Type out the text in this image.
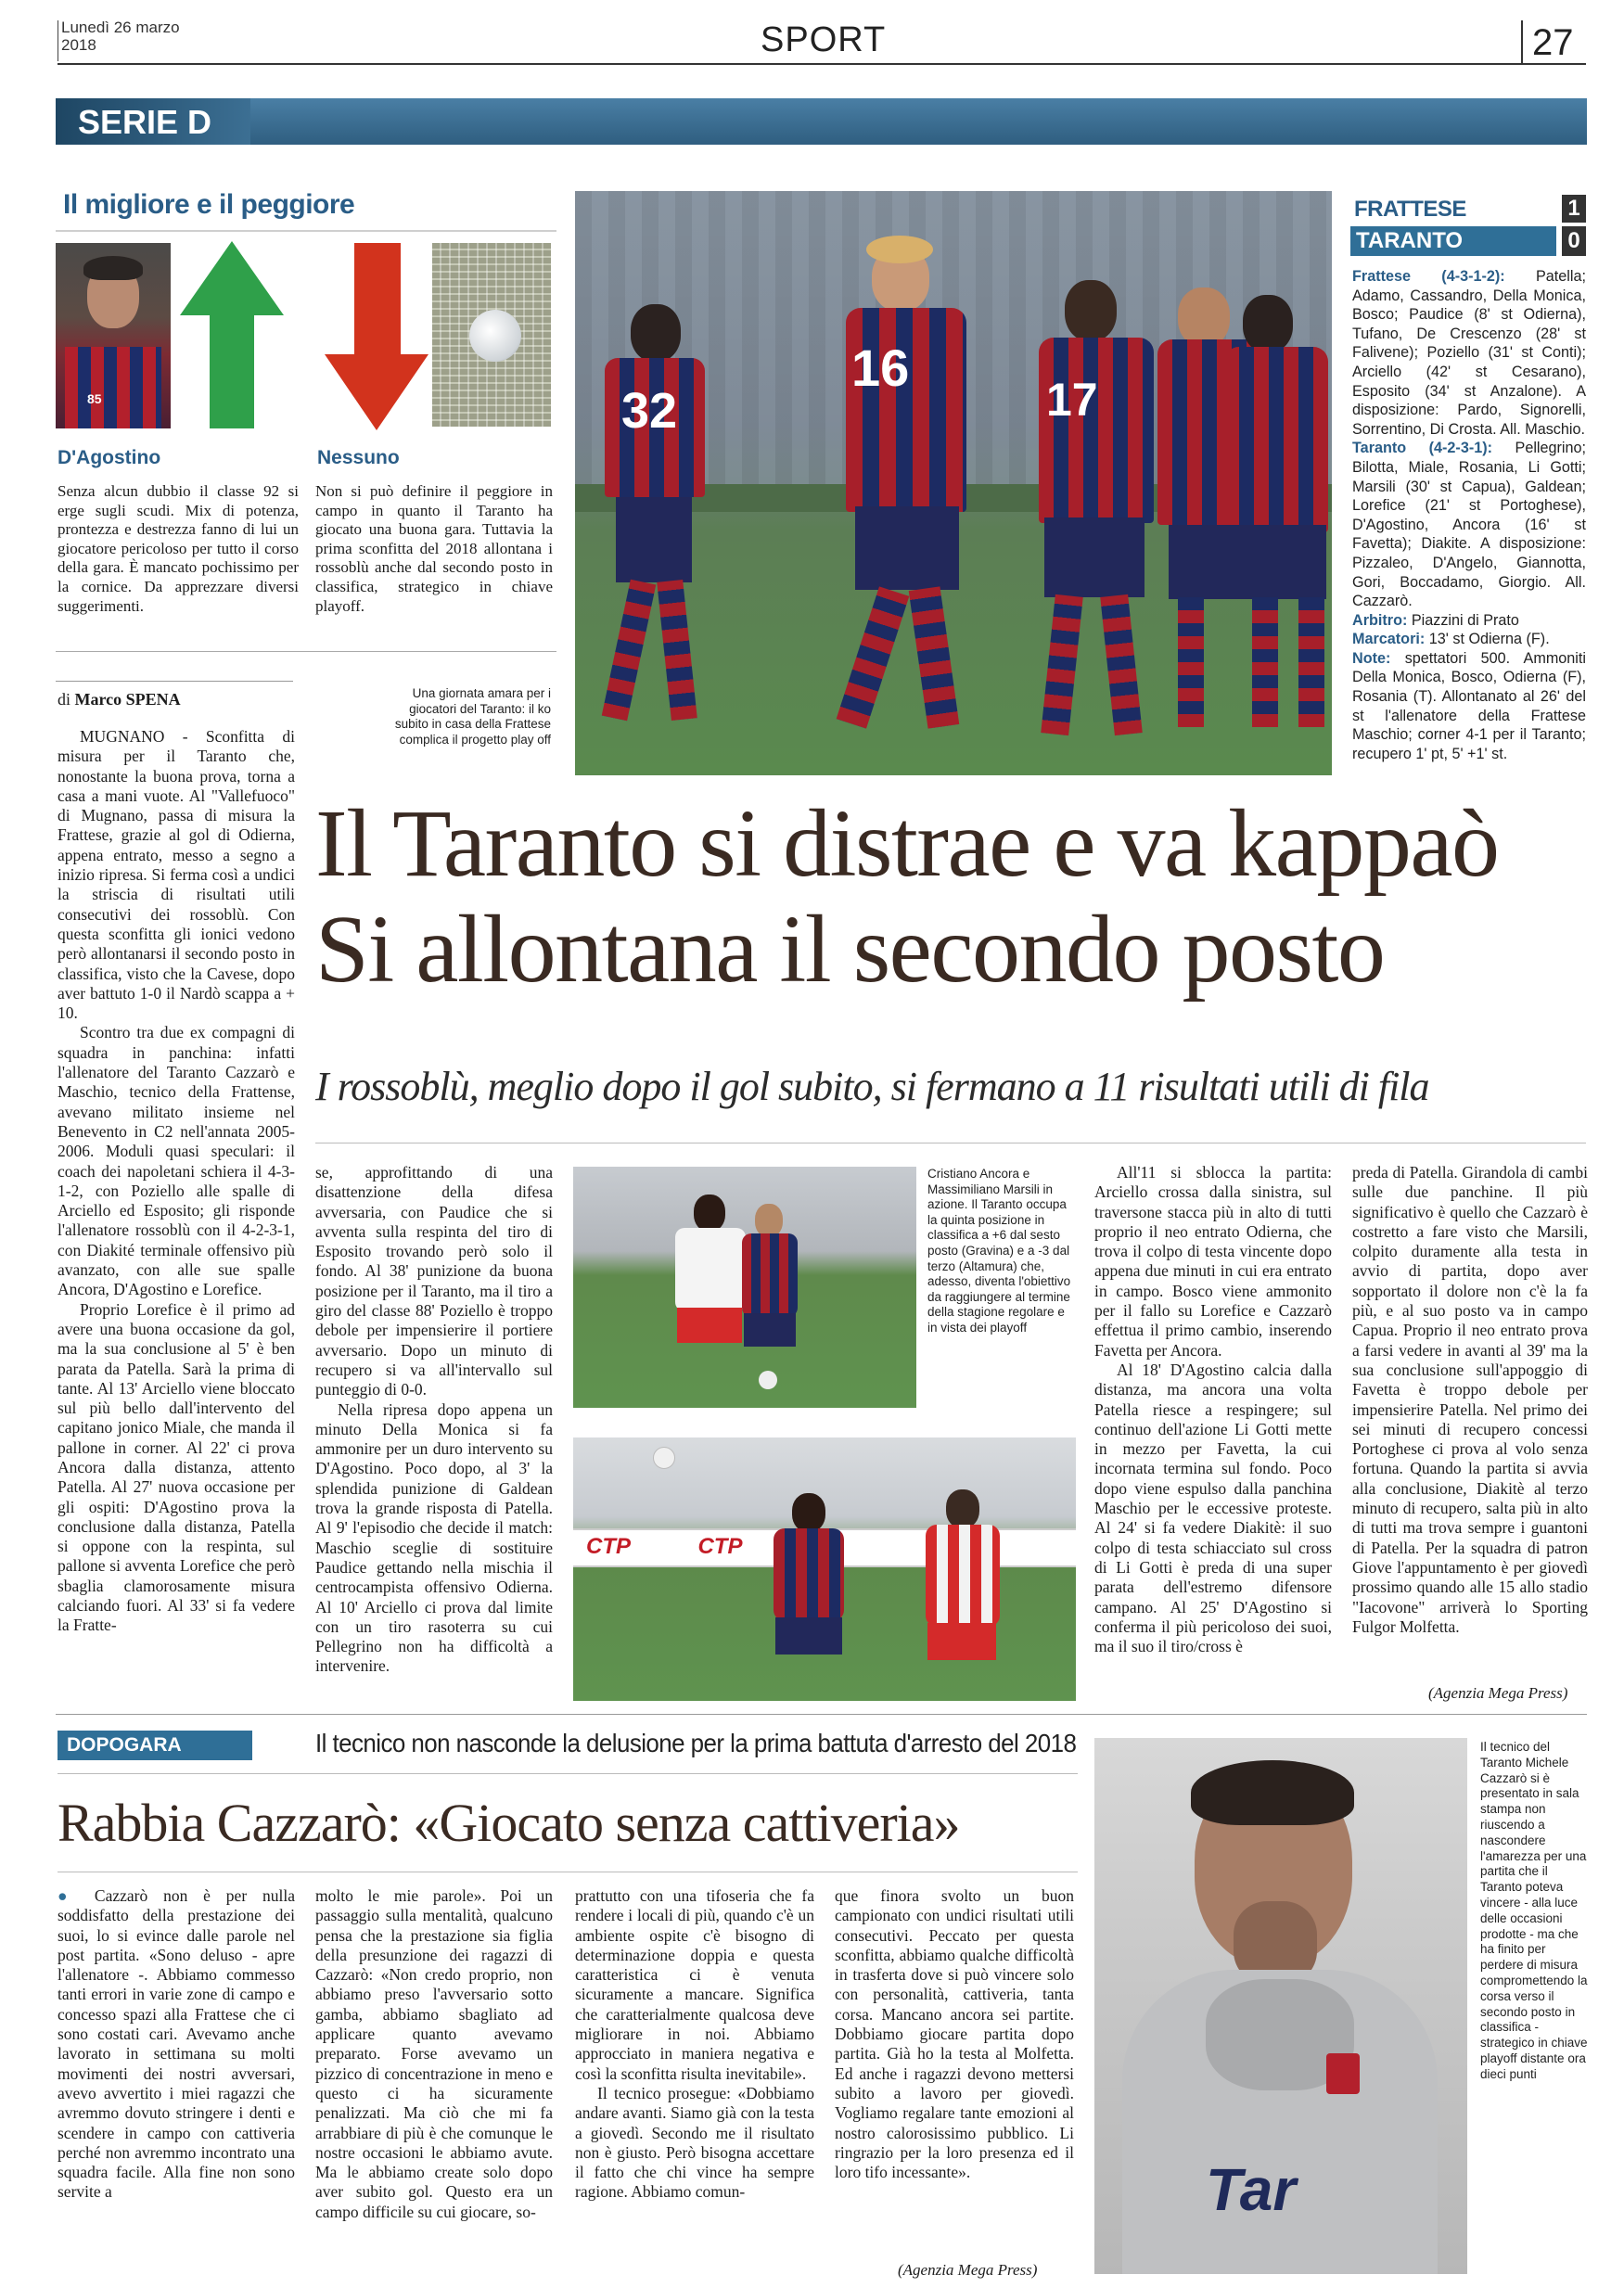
Lunedì 26 marzo
2018	SPORT	27
SERIE D
Il migliore e il peggiore
85
D'Agostino	Nessuno
Senza alcun dubbio il classe 92 si erge sugli scudi. Mix di potenza, prontezza e destrezza fanno di lui un giocatore pericoloso per tutto il corso della gara. È mancato pochissimo per la cornice. Da apprezzare diversi suggerimenti.
Non si può definire il peggiore in campo in quanto il Taranto ha giocato una buona gara. Tuttavia la prima sconfitta del 2018 allontana i rossoblù anche dal secondo posto in classifica, strategico in chiave playoff.
32
16
17
Una giornata amara per i giocatori del Taranto: il ko subito in casa della Frattese complica il progetto play off
di Marco SPENA
FRATTESE	1
TARANTO	0
Frattese (4-3-1-2): Patella; Adamo, Cassandro, Della Monica, Bosco; Paudice (8' st Odierna), Tufano, De Crescenzo (28' st Falivene); Poziello (31' st Conti); Arciello (42' st Cesarano), Esposito (34' st Anzalone). A disposizione: Pardo, Signorelli, Sorrentino, Di Crosta. All. Maschio.
Taranto (4-2-3-1): Pellegrino; Bilotta, Miale, Rosania, Li Gotti; Marsili (30' st Capua), Galdean; Lorefice (21' st Portoghese), D'Agostino, Ancora (16' st Favetta); Diakite. A disposizione: Pizzaleo, D'Angelo, Giannotta, Gori, Boccadamo, Giorgio. All. Cazzarò.
Arbitro: Piazzini di Prato
Marcatori: 13' st Odierna (F).
Note: spettatori 500. Ammoniti Della Monica, Bosco, Odierna (F), Rosania (T). Allontanato al 26' del st l'allenatore della Frattese Maschio; corner 4-1 per il Taranto; recupero 1' pt, 5' +1' st.
Il Taranto si distrae e va kappaò Si allontana il secondo posto
I rossoblù, meglio dopo il gol subito, si fermano a 11 risultati utili di fila

MUGNANO - Sconfitta di misura per il Taranto che, nonostante la buona prova, torna a casa a mani vuote. Al "Vallefuoco" di Mugnano, passa di misura la Frattese, grazie al gol di Odierna, appena entrato, messo a segno a inizio ripresa. Si ferma così a undici la striscia di risultati utili consecutivi dei rossoblù. Con questa sconfitta gli ionici vedono però allontanarsi il secondo posto in classifica, visto che la Cavese, dopo aver battuto 1-0 il Nardò scappa a + 10.

Scontro tra due ex compagni di squadra in panchina: infatti l'allenatore del Taranto Cazzarò e Maschio, tecnico della Frattense, avevano militato insieme nel Benevento in C2 nell'annata 2005-2006. Moduli quasi speculari: il coach dei napoletani schiera il 4-3-1-2, con Poziello alle spalle di Arciello ed Esposito; gli risponde l'allenatore rossoblù con il 4-2-3-1, con Diakité terminale offensivo più avanzato, con alle sue spalle Ancora, D'Agostino e Lorefice.

Proprio Lorefice è il primo ad avere una buona occasione da gol, ma la sua conclusione al 5' è ben parata da Patella. Sarà la prima di tante. Al 13' Arciello viene bloccato sul più bello dall'intervento del capitano jonico Miale, che manda il pallone in corner. Al 22' ci prova Ancora dalla distanza, attento Patella. Al 27' nuova occasione per gli ospiti: D'Agostino prova la conclusione dalla distanza, Patella si oppone con la respinta, sul pallone si avventa Lorefice che però sbaglia clamorosamente misura calciando fuori. Al 33' si fa vedere la Fratte-

se, approfittando di una disattenzione della difesa avversaria, con Paudice che si avventa sulla respinta del tiro di Esposito trovando però solo il fondo. Al 38' punizione da buona posizione per il Taranto, ma il tiro a giro del classe 88' Poziello è troppo debole per impensierire il portiere avversario. Dopo un minuto di recupero si va all'intervallo sul punteggio di 0-0.

Nella ripresa dopo appena un minuto Della Monica si fa ammonire per un duro intervento su D'Agostino. Poco dopo, al 3' la splendida punizione di Galdean trova la grande risposta di Patella. Al 9' l'episodio che decide il match: Maschio sceglie di sostituire Paudice gettando nella mischia il centrocampista offensivo Odierna. Al 10' Arciello ci prova dal limite con un tiro rasoterra su cui Pellegrino non ha difficoltà a intervenire.

Cristiano Ancora e Massimiliano Marsili in azione. Il Taranto occupa la quinta posizione in classifica a +6 dal sesto posto (Gravina) e a -3 dal terzo (Altamura) che, adesso, diventa l'obiettivo da raggiungere al termine della stagione regolare e in vista dei playoff
CTP	CTP

All'11 si sblocca la partita: Arciello crossa dalla sinistra, sul traversone stacca più in alto di tutti proprio il neo entrato Odierna, che trova il colpo di testa vincente dopo appena due minuti in cui era entrato in campo. Bosco viene ammonito per il fallo su Lorefice e Cazzarò effettua il primo cambio, inserendo Favetta per Ancora.

Al 18' D'Agostino calcia dalla distanza, ma ancora una volta Patella riesce a respingere; sul continuo dell'azione Li Gotti mette in mezzo per Favetta, la cui incornata termina sul fondo. Poco dopo viene espulso dalla panchina Maschio per le eccessive proteste. Al 24' si fa vedere Diakitè: il suo colpo di testa schiacciato sul cross di Li Gotti è preda di una super parata dell'estremo difensore campano. Al 25' D'Agostino si conferma il più pericoloso dei suoi, ma il suo il tiro/cross è

preda di Patella. Girandola di cambi sulle due panchine. Il più significativo è quello che Cazzarò è costretto a fare visto che Marsili, colpito duramente alla testa in avvio di partita, dopo aver sopportato il dolore non c'è la fa più, e al suo posto va in campo Capua. Proprio il neo entrato prova a farsi vedere in avanti al 39' ma la sua conclusione sull'appoggio di Favetta è troppo debole per impensierire Patella. Nel primo dei sei minuti di recupero concessi Portoghese ci prova al volo senza fortuna. Quando la partita si avvia alla conclusione, Diakitè al terzo minuto di recupero, salta più in alto di tutti ma trova sempre i guantoni di Patella. Per la squadra di patron Giove l'appuntamento è per giovedì prossimo quando alle 15 allo stadio "Iacovone" arriverà lo Sporting Fulgor Molfetta.

(Agenzia Mega Press)
DOPOGARA	Il tecnico non nasconde la delusione per la prima battuta d'arresto del 2018
Rabbia Cazzarò: «Giocato senza cattiveria»
● Cazzarò non è per nulla soddisfatto della prestazione dei suoi, lo si evince dalle parole nel post partita. «Sono deluso - apre l'allenatore -. Abbiamo commesso tanti errori in varie zone di campo e concesso spazi alla Frattese che ci sono costati cari. Avevamo anche lavorato in settimana su molti movimenti dei nostri avversari, avevo avvertito i miei ragazzi che avremmo dovuto stringere i denti e scendere in campo con cattiveria perché non avremmo incontrato una squadra facile. Alla fine non sono servite a
molto le mie parole». Poi un passaggio sulla mentalità, qualcuno pensa che la prestazione sia figlia della presunzione dei ragazzi di Cazzarò: «Non credo proprio, non abbiamo preso l'avversario sotto gamba, abbiamo sbagliato ad applicare quanto avevamo preparato. Forse avevamo un pizzico di concentrazione in meno e questo ci ha sicuramente penalizzati. Ma ciò che mi fa arrabbiare di più è che comunque le nostre occasioni le abbiamo avute. Ma le abbiamo create solo dopo aver subito gol. Questo era un campo difficile su cui giocare, so-

prattutto con una tifoseria che fa rendere i locali di più, quando c'è un ambiente ospite c'è bisogno di determinazione doppia e questa caratteristica ci è venuta sicuramente a mancare. Significa che caratterialmente qualcosa deve migliorare in noi. Abbiamo approcciato in maniera negativa e così la sconfitta risulta inevitabile».

Il tecnico prosegue: «Dobbiamo andare avanti. Siamo già con la testa a giovedì. Secondo me il risultato non è giusto. Però bisogna accettare il fatto che chi vince ha sempre ragione. Abbiamo comun-

que finora svolto un buon campionato con undici risultati utili consecutivi. Peccato per questa sconfitta, abbiamo qualche difficoltà in trasferta dove si può vincere solo con personalità, cattiveria, tanta corsa. Mancano ancora sei partite. Dobbiamo giocare partita dopo partita. Già ho la testa al Molfetta. Ed anche i ragazzi devono mettersi subito a lavoro per giovedì. Vogliamo regalare tante emozioni al nostro calorosissimo pubblico. Li ringrazio per la loro presenza ed il loro tifo incessante».
(Agenzia Mega Press)
Tar
Il tecnico del Taranto Michele Cazzarò si è presentato in sala stampa non riuscendo a nascondere l'amarezza per una partita che il Taranto poteva vincere - alla luce delle occasioni prodotte - ma che ha finito per perdere di misura compromettendo la corsa verso il secondo posto in classifica - strategico in chiave playoff distante ora dieci punti
